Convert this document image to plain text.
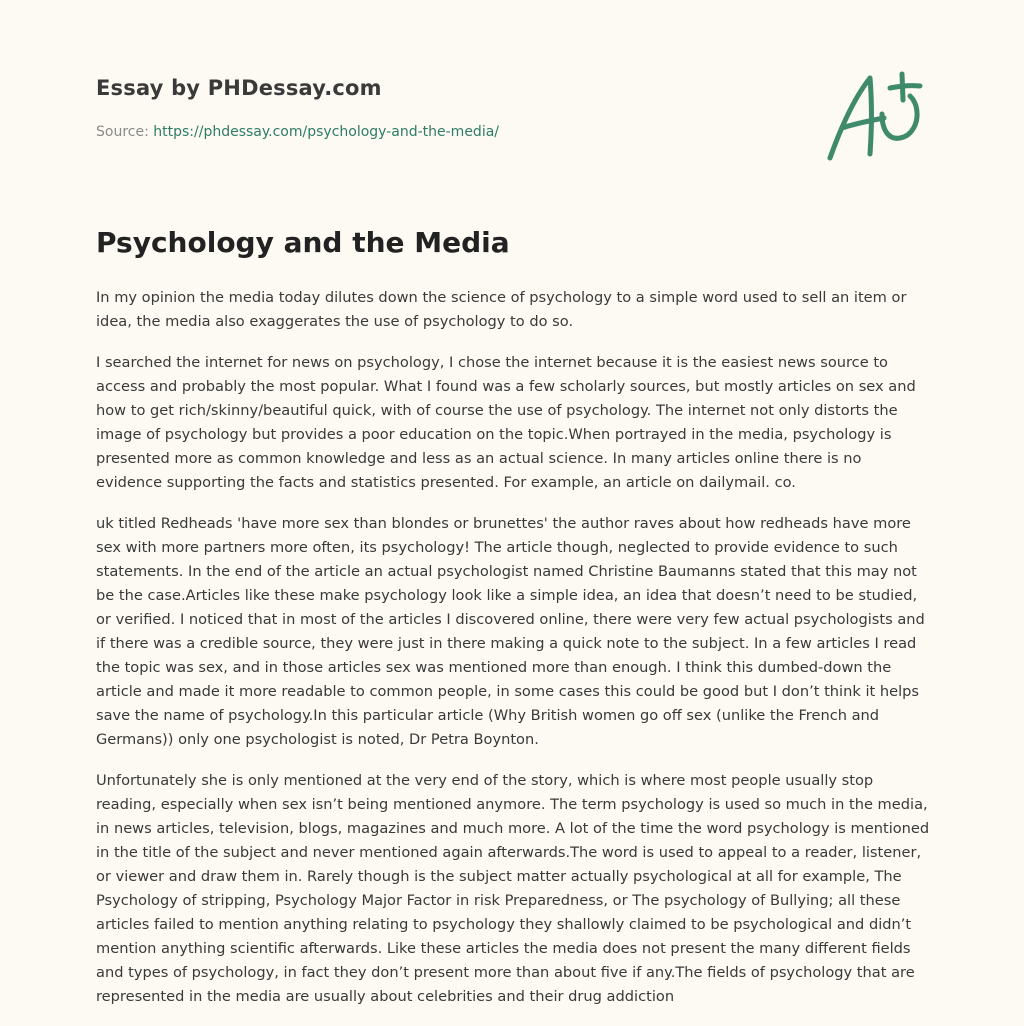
Essay by PHDessay.com
Source: https://phdessay.com/psychology-and-the-media/
Psychology and the Media

In my opinion the media today dilutes down the science of psychology to a simple word used to sell an item or idea, the media also exaggerates the use of psychology to do so.

I searched the internet for news on psychology, I chose the internet because it is the easiest news source to access and probably the most popular. What I found was a few scholarly sources, but mostly articles on sex and how to get rich/skinny/beautiful quick, with of course the use of psychology. The internet not only distorts the image of psychology but provides a poor education on the topic.When portrayed in the media, psychology is presented more as common knowledge and less as an actual science. In many articles online there is no evidence supporting the facts and statistics presented. For example, an article on dailymail. co.

uk titled Redheads 'have more sex than blondes or brunettes' the author raves about how redheads have more sex with more partners more often, its psychology! The article though, neglected to provide evidence to such statements. In the end of the article an actual psychologist named Christine Baumanns stated that this may not be the case.Articles like these make psychology look like a simple idea, an idea that doesn’t need to be studied, or verified. I noticed that in most of the articles I discovered online, there were very few actual psychologists and if there was a credible source, they were just in there making a quick note to the subject. In a few articles I read the topic was sex, and in those articles sex was mentioned more than enough. I think this dumbed-down the article and made it more readable to common people, in some cases this could be good but I don’t think it helps save the name of psychology.In this particular article (Why British women go off sex (unlike the French and Germans)) only one psychologist is noted, Dr Petra Boynton.

Unfortunately she is only mentioned at the very end of the story, which is where most people usually stop reading, especially when sex isn’t being mentioned anymore. The term psychology is used so much in the media, in news articles, television, blogs, magazines and much more. A lot of the time the word psychology is mentioned in the title of the subject and never mentioned again afterwards.The word is used to appeal to a reader, listener, or viewer and draw them in. Rarely though is the subject matter actually psychological at all for example, The Psychology of stripping, Psychology Major Factor in risk Preparedness, or The psychology of Bullying; all these articles failed to mention anything relating to psychology they shallowly claimed to be psychological and didn’t mention anything scientific afterwards. Like these articles the media does not present the many different fields and types of psychology, in fact they don’t present more than about five if any.The fields of psychology that are represented in the media are usually about celebrities and their drug addiction
